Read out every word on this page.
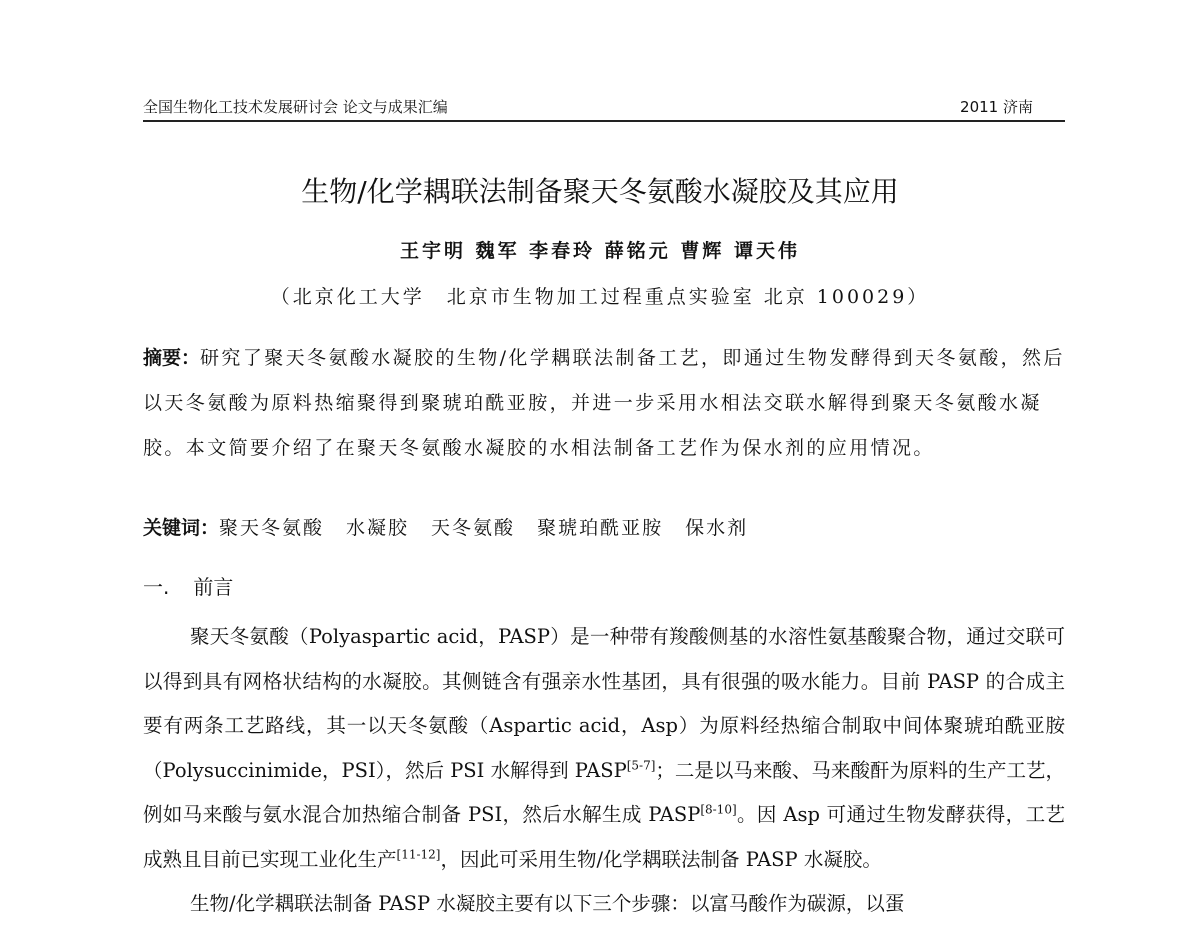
全国生物化工技术发展研讨会 论文与成果汇编	2011 济南
生物/化学耦联法制备聚天冬氨酸水凝胶及其应用
王宇明 魏军 李春玲 薛铭元 曹辉 谭天伟
（北京化工大学　北京市生物加工过程重点实验室 北京 100029）
摘要：研究了聚天冬氨酸水凝胶的生物/化学耦联法制备工艺，即通过生物发酵得到天冬氨酸，然后以天冬氨酸为原料热缩聚得到聚琥珀酰亚胺，并进一步采用水相法交联水解得到聚天冬氨酸水凝胶。本文简要介绍了在聚天冬氨酸水凝胶的水相法制备工艺作为保水剂的应用情况。
关键词：聚天冬氨酸 水凝胶 天冬氨酸 聚琥珀酰亚胺 保水剂
一. 前言

聚天冬氨酸（Polyaspartic acid，PASP）是一种带有羧酸侧基的水溶性氨基酸聚合物，通过交联可以得到具有网格状结构的水凝胶。其侧链含有强亲水性基团，具有很强的吸水能力。目前 PASP 的合成主要有两条工艺路线，其一以天冬氨酸（Aspartic acid，Asp）为原料经热缩合制取中间体聚琥珀酰亚胺（Polysuccinimide，PSI），然后 PSI 水解得到 PASP[5-7]；二是以马来酸、马来酸酐为原料的生产工艺，例如马来酸与氨水混合加热缩合制备 PSI，然后水解生成 PASP[8-10]。因 Asp 可通过生物发酵获得，工艺成熟且目前已实现工业化生产[11-12]，因此可采用生物/化学耦联法制备 PASP 水凝胶。

生物/化学耦联法制备 PASP 水凝胶主要有以下三个步骤：以富马酸作为碳源，以蛋
